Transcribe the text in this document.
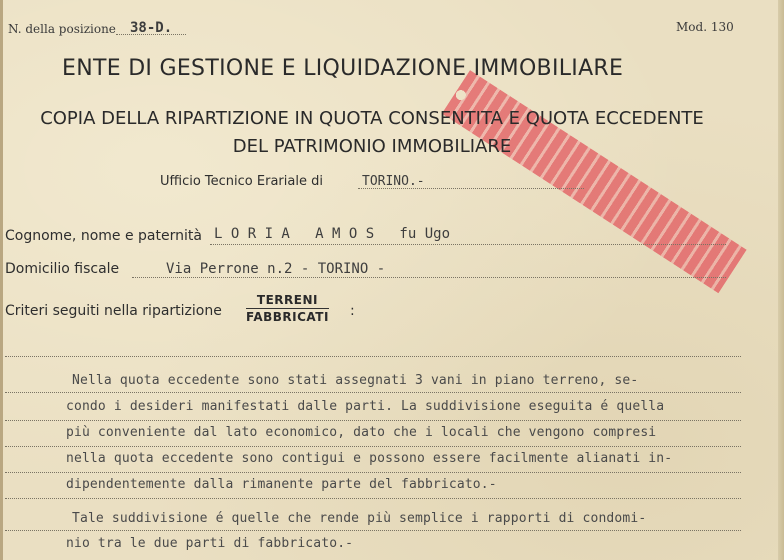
N. della posizione 38-D.	Mod. 130
ENTE DI GESTIONE E LIQUIDAZIONE IMMOBILIARE
COPIA DELLA RIPARTIZIONE IN QUOTA CONSENTITA E QUOTA ECCEDENTE
DEL PATRIMONIO IMMOBILIARE
Ufficio Tecnico Erariale di	TORINO.-
Cognome, nome e paternità L O R I A   A M O S   fu Ugo
Domicilio fiscale	Via Perrone n.2 - TORINO -
Criteri seguiti nella ripartizione
TERRENI
FABBRICATI :
Nella quota eccedente sono stati assegnati 3 vani in piano terreno, se-
condo i desideri manifestati dalle parti. La suddivisione eseguita é quella
più conveniente dal lato economico, dato che i locali che vengono compresi
nella quota eccedente sono contigui e possono essere facilmente alianati in-
dipendentemente dalla rimanente parte del fabbricato.-
Tale suddivisione é quelle che rende più semplice i rapporti di condomi-
nio tra le due parti di fabbricato.-
